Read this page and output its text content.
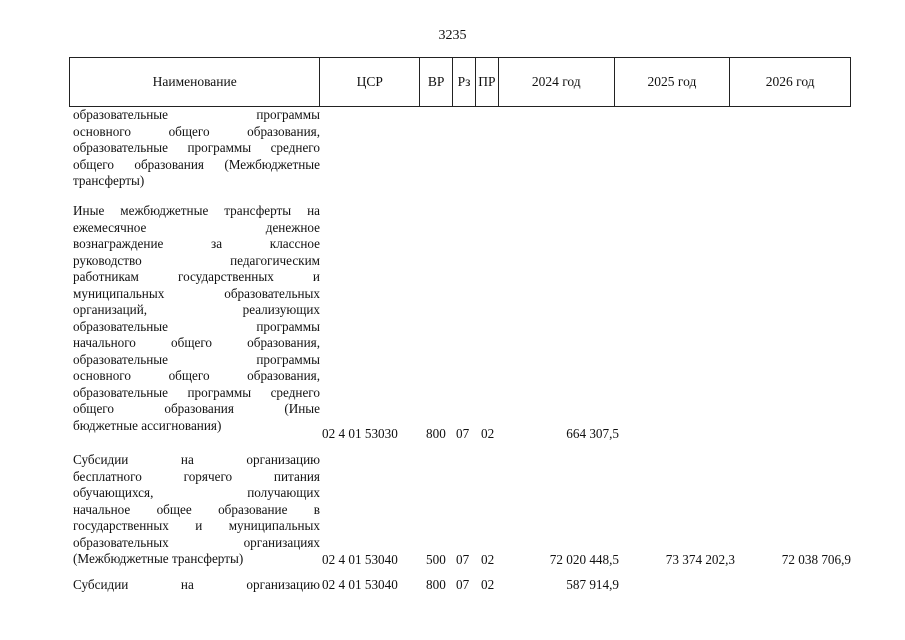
3235
Наименование	ЦСР	ВР Рз ПР	2024 год	2025 год	2026 год
образовательные программы
основного общего образования,
образовательные программы среднего
общего образования (Межбюджетные
трансферты)
Иные межбюджетные трансферты на
ежемесячное денежное
вознаграждение за классное
руководство педагогическим
работникам государственных и
муниципальных образовательных
организаций, реализующих
образовательные программы
начального общего образования,
образовательные программы
основного общего образования,
образовательные программы среднего
общего образования (Иные
бюджетные ассигнования)
02 4 01 53030 800 07 02	664 307,5
Субсидии на организацию
бесплатного горячего питания
обучающихся, получающих
начальное общее образование в
государственных и муниципальных
образовательных организациях
(Межбюджетные трансферты)	02 4 01 53040 500 07 02	72 020 448,5	73 374 202,3	72 038 706,9
Субсидии на организацию 02 4 01 53040 800 07 02	587 914,9
